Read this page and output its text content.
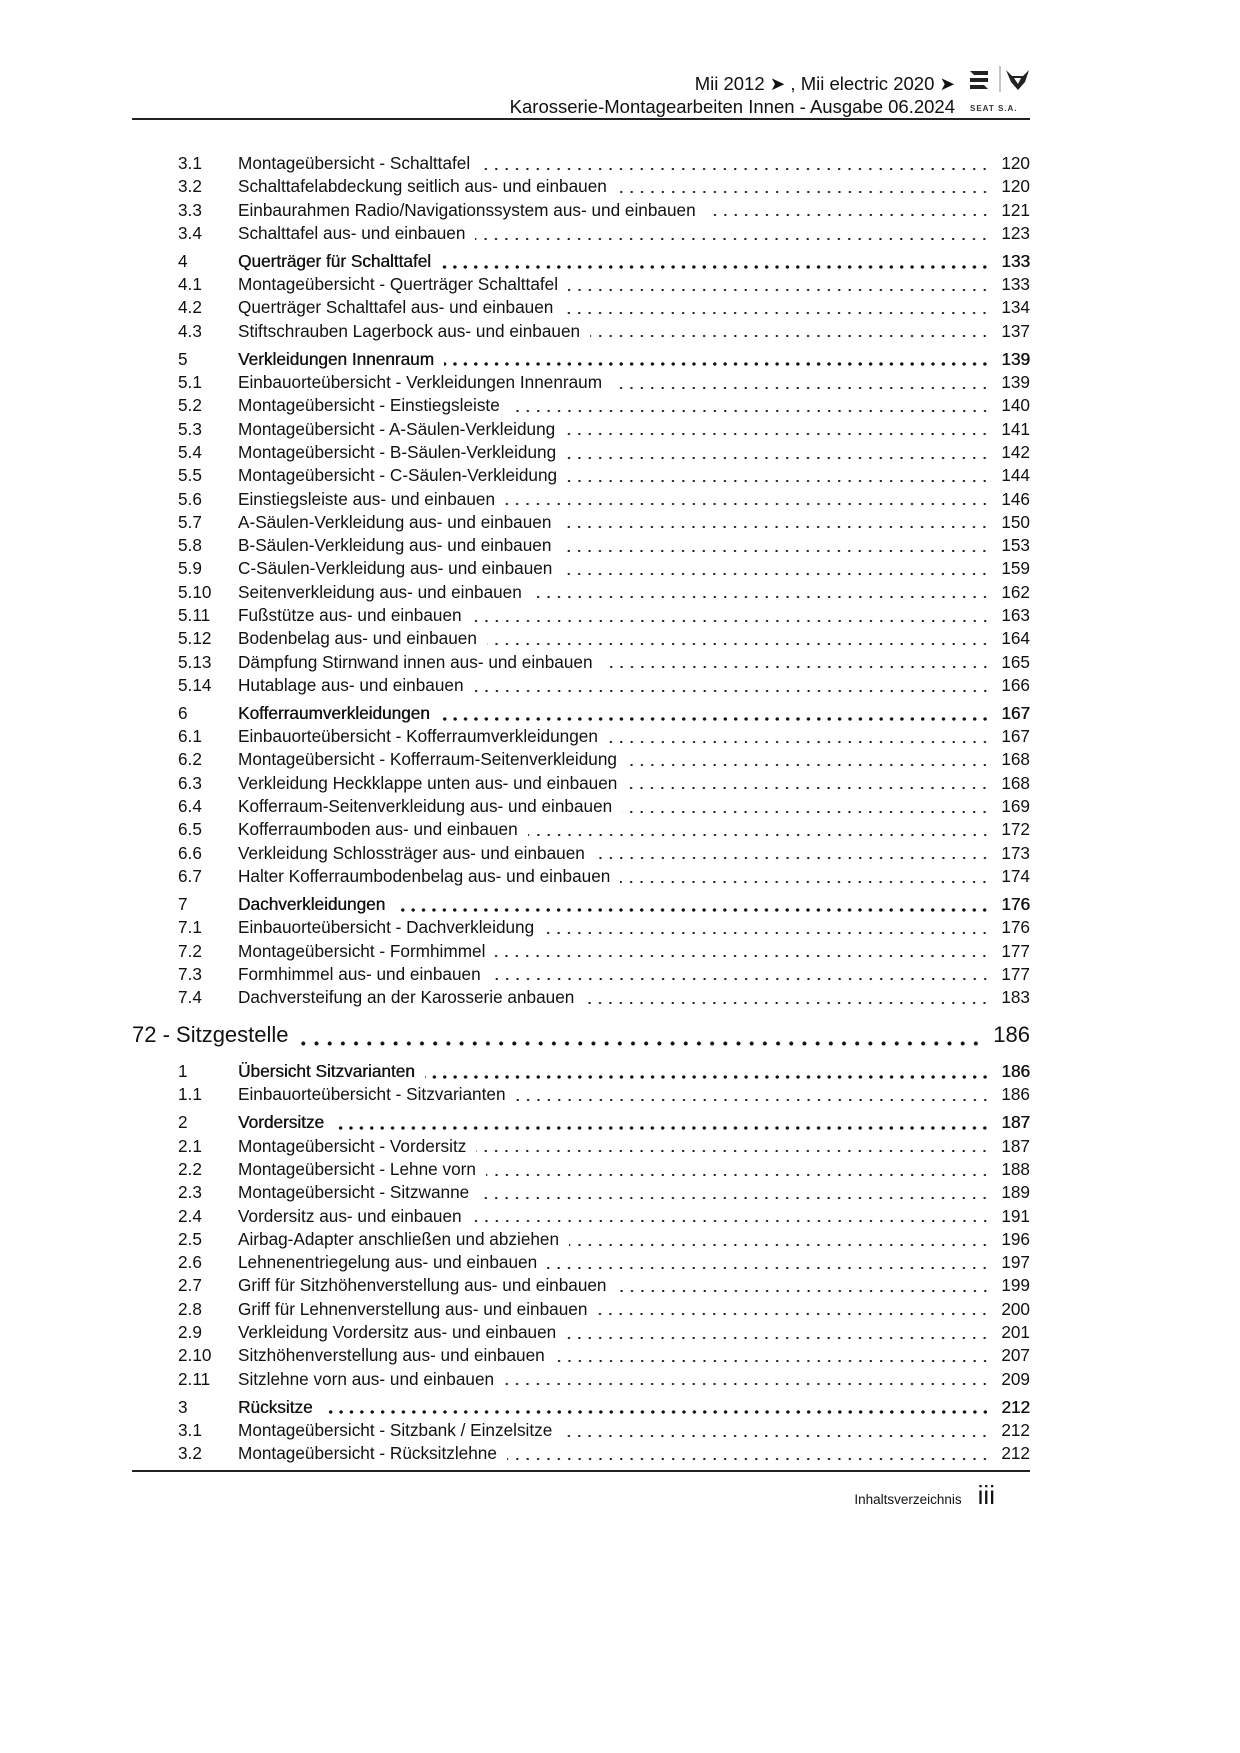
Mii 2012 ➤ , Mii electric 2020 ➤
Karosserie-Montagearbeiten Innen - Ausgabe 06.2024 SEAT S.A.
3.1	Montageübersicht - Schalttafel	120
3.2	Schalttafelabdeckung seitlich aus- und einbauen	120
3.3	Einbaurahmen Radio/Navigationssystem aus- und einbauen	121
3.4	Schalttafel aus- und einbauen	123
4	Querträger für Schalttafel	133
4.1	Montageübersicht - Querträger Schalttafel	133
4.2	Querträger Schalttafel aus- und einbauen	134
4.3	Stiftschrauben Lagerbock aus- und einbauen	137
5	Verkleidungen Innenraum	139
5.1	Einbauorteübersicht - Verkleidungen Innenraum	139
5.2	Montageübersicht - Einstiegsleiste	140
5.3	Montageübersicht - A-Säulen-Verkleidung	141
5.4	Montageübersicht - B-Säulen-Verkleidung	142
5.5	Montageübersicht - C-Säulen-Verkleidung	144
5.6	Einstiegsleiste aus- und einbauen	146
5.7	A-Säulen-Verkleidung aus- und einbauen	150
5.8	B-Säulen-Verkleidung aus- und einbauen	153
5.9	C-Säulen-Verkleidung aus- und einbauen	159
5.10	Seitenverkleidung aus- und einbauen	162
5.11	Fußstütze aus- und einbauen	163
5.12	Bodenbelag aus- und einbauen	164
5.13	Dämpfung Stirnwand innen aus- und einbauen	165
5.14	Hutablage aus- und einbauen	166
6	Kofferraumverkleidungen	167
6.1	Einbauorteübersicht - Kofferraumverkleidungen	167
6.2	Montageübersicht - Kofferraum-Seitenverkleidung	168
6.3	Verkleidung Heckklappe unten aus- und einbauen	168
6.4	Kofferraum-Seitenverkleidung aus- und einbauen	169
6.5	Kofferraumboden aus- und einbauen	172
6.6	Verkleidung Schlossträger aus- und einbauen	173
6.7	Halter Kofferraumbodenbelag aus- und einbauen	174
7	Dachverkleidungen	176
7.1	Einbauorteübersicht - Dachverkleidung	176
7.2	Montageübersicht - Formhimmel	177
7.3	Formhimmel aus- und einbauen	177
7.4	Dachversteifung an der Karosserie anbauen	183
72 - Sitzgestelle	186
1	Übersicht Sitzvarianten	186
1.1	Einbauorteübersicht - Sitzvarianten	186
2	Vordersitze	187
2.1	Montageübersicht - Vordersitz	187
2.2	Montageübersicht - Lehne vorn	188
2.3	Montageübersicht - Sitzwanne	189
2.4	Vordersitz aus- und einbauen	191
2.5	Airbag-Adapter anschließen und abziehen	196
2.6	Lehnenentriegelung aus- und einbauen	197
2.7	Griff für Sitzhöhenverstellung aus- und einbauen	199
2.8	Griff für Lehnenverstellung aus- und einbauen	200
2.9	Verkleidung Vordersitz aus- und einbauen	201
2.10	Sitzhöhenverstellung aus- und einbauen	207
2.11	Sitzlehne vorn aus- und einbauen	209
3	Rücksitze	212
3.1	Montageübersicht - Sitzbank / Einzelsitze	212
3.2	Montageübersicht - Rücksitzlehne	212
Inhaltsverzeichnis iii
